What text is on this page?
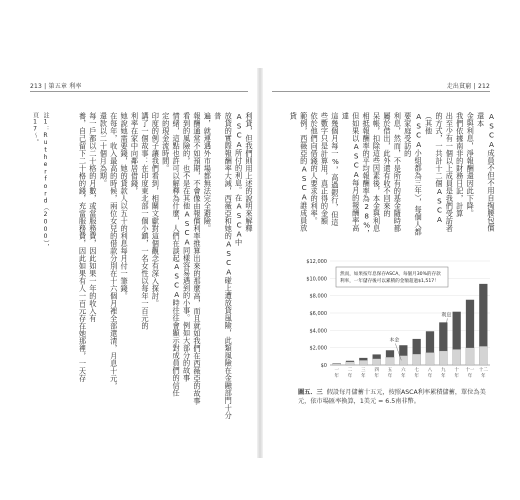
213 | 第五章 利率	走出貧窮 | 212
利貸，但我們則用上述的說明來解釋
ASCA所付的利息。在ASCA中
放貸的實際報酬率大減，西薇亞和她的ASCA碰上遭放貸風險，此類風險在金融部門十分普
遍，就連遇外市場都無法完全避險。
報酬通常不如預期，不會像由報償利率推算出來的那麼高，而且就如我們在西薇亞的故事
看到的風險的，也不是在其他ASCA同樣容易遇到的小事。例如大部分的故事
情緒，這點也許可以解釋為什麼，人們在談起ASCA時往往會顯示對成員們的信任
定的現金流時間。
印度的例子讓我們看到，相關文獻對這個觀念有深入探討。
講了一個故事：在印度東北部一個小鎮，一名女性以每年一百元的
利率在家中向鄰居借錢，
她說她需要錢，她的貸款人以五十的利息每月付一筆錢。
在每年，收入最高的時候，兩位女兒的借款分別在十六個月裡全部還清，月息十元，
還款以二十個月為期。
每一戶都以二十格的月數，或當服務費，因此如果一年的收入有
養，自己留下二十格的錢，充當服務費，因此如果有人一百元存在她那裡，一天存
註1：Rutherford（2000），頁17～。	ASCA成員不但不用自掏腰包償還本
金與利息，淨報酬還因此下降。
我們依據南非的財務日記，計算
出至少有一個以上成員是我們受訪者
的方式，一共計十二個ASCA（其他
ASCA小組都為三年），每個人都要家庭受訪的
利息，然而，不是所有的基金隨時都
屬於借出，此外還有收不回來的
呆帳，扣除這些因素後，本金與利息
相抵報酬率的平均報酬率為28%，
但如果以ASCA每月的報酬率高達
這幾個月每一%，高過銀行，但這
些數字只是計算用，真正得的金額
依於他們向借錢的人要求的利率。
範例，西薇亞的ASCA誰成員放貸
$0
$2,000
$4,000
$6,000
$8,000
$10,000
$12,000
一
年
二
年
三
年
四
年
五
年
六
年
七
年
八
年
九
年
十
年
十一
年
十二
年
本金
利息
然而，如果按年息保存ASCA，每個月30%的存款
利率，一年儲存後可以累積的金額超過$1,517！
圖五．三 假設每月儲蓄十五元，按照ASCA利率累積儲蓄，單位為美元，依市場匯率換算，1美元 = 6.5南非幣。
